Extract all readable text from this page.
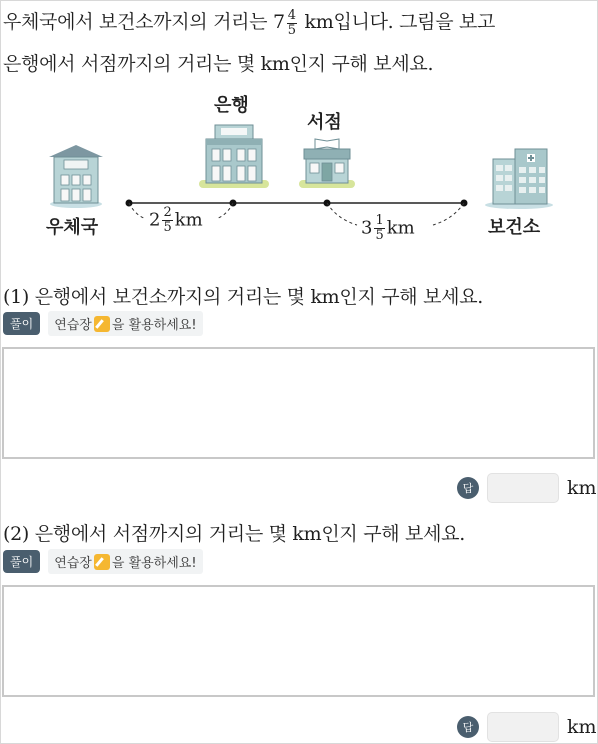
우체국에서 보건소까지의 거리는 $7 \frac{4}{5}$ km입니다. 그림을 보고
은행에서 서점까지의 거리는 몇 km인지 구해 보세요.
우체국
은행
서점
보건소
$2 \frac{2}{5}$ km	$3 \frac{1}{5}$ km
(1) 은행에서 보건소까지의 거리는 몇 km인지 구해 보세요.
풀이	연습장 을 활용하세요!
답	km
(2) 은행에서 서점까지의 거리는 몇 km인지 구해 보세요.
풀이	연습장 을 활용하세요!
답	km
